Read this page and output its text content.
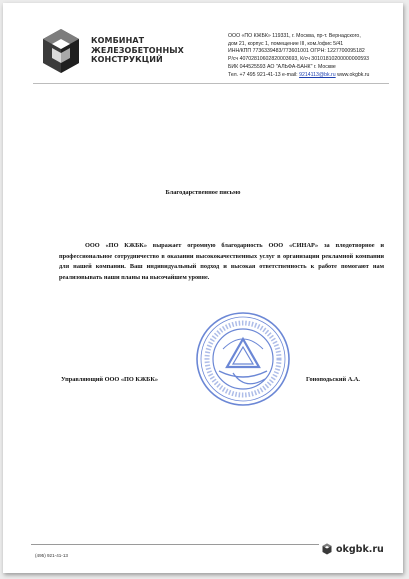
КОМБИНАТ
ЖЕЛЕЗОБЕТОННЫХ
КОНСТРУКЦИЙ
ООО «ПО КЖБК» 119331, г. Москва, пр-т. Вернадского,
дом 21, корпус 1, помещение III, ком./офис 5/41
ИНН/КПП 7736339483/773601001 ОГРН: 1227700095182
Р/сч 40702810602820003693, К/сч 30101810200000000593
БИК 044525593 АО "АЛЬФА-БАНК" г. Москве
Тел. +7 495 921-41-13 e-mail: 9214113@bk.ru www.okgbk.ru
Благодарственное письмо
ООО «ПО КЖБК» выражает огромную благодарность ООО «СИНАР» за плодотворное и профессиональное сотрудничество в оказании высококачественных услуг в организации рекламной компании для нашей компании. Ваш индивидуальный подход и высокая ответственность к работе помогают нам реализовывать наши планы на высочайшем уровне.
Управляющий ООО «ПО КЖБК»	Гоноподьский А.А.
(495) 921-41-13
okgbk.ru
